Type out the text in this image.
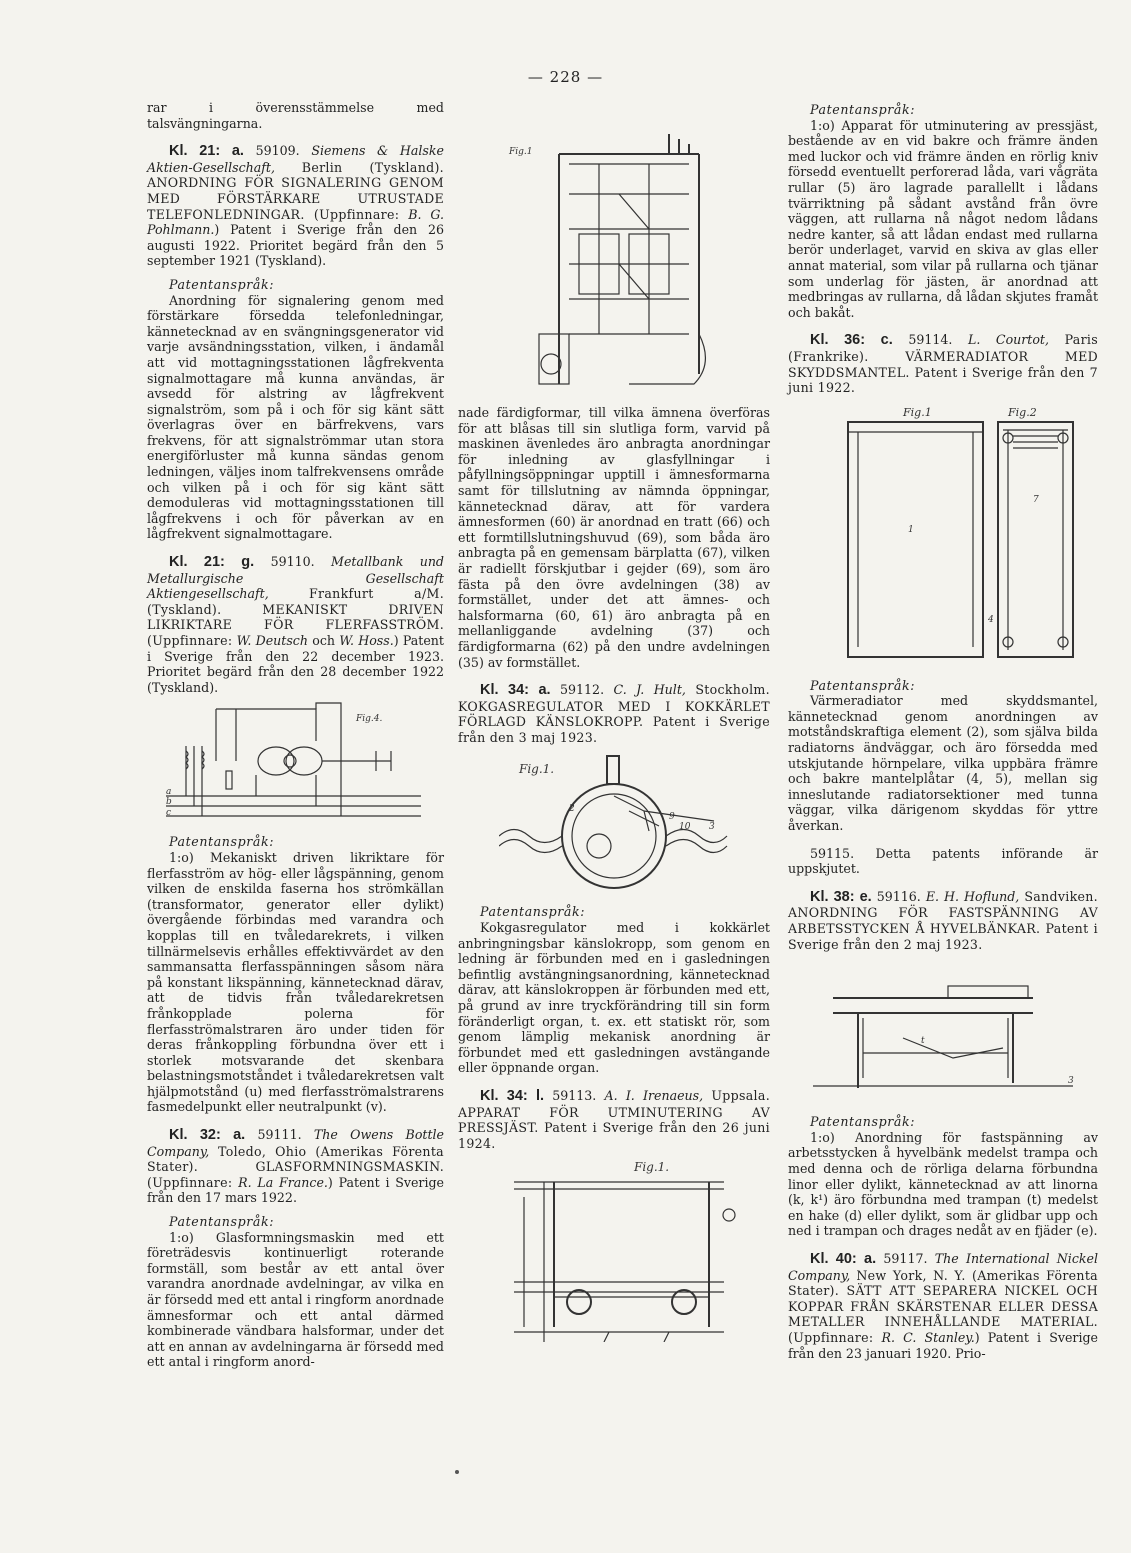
— 228 —

rar i överensstämmelse med talsvängningarna.

Kl. 21: a. 59109. Siemens & Halske Aktien-Gesellschaft, Berlin (Tyskland). ANORDNING FÖR SIGNALERING GENOM MED FÖRSTÄRKARE UTRUSTADE TELEFONLEDNINGAR. (Uppfinnare: B. G. Pohlmann.) Patent i Sverige från den 26 augusti 1922. Prioritet begärd från den 5 september 1921 (Tyskland).

Patentanspråk:

Anordning för signalering genom med förstärkare försedda telefonledningar, kännetecknad av en svängningsgenerator vid varje avsändningsstation, vilken, i ändamål att vid mottagningsstationen lågfrekventa signalmottagare må kunna användas, är avsedd för alstring av lågfrekvent signalström, som på i och för sig känt sätt överlagras över en bärfrekvens, vars frekvens, för att signalströmmar utan stora energiförluster må kunna sändas genom ledningen, väljes inom talfrekvensens område och vilken på i och för sig känt sätt demoduleras vid mottagningsstationen till lågfrekvens i och för påverkan av en lågfrekvent signalmottagare.

Kl. 21: g. 59110. Metallbank und Metallurgische Gesellschaft Aktiengesellschaft,	Frankfurt a/M. (Tyskland). MEKANISKT DRIVEN LIKRIKTARE FÖR FLERFASSTRÖM. (Uppfinnare: W. Deutsch och W. Hoss.) Patent i Sverige från den 22 december 1923. Prioritet begärd från den 28 december 1922 (Tyskland).

Fig.4.
a
b
c

Patentanspråk:

1:o) Mekaniskt driven likriktare för flerfasström av hög- eller lågspänning, genom vilken de enskilda faserna hos strömkällan (transformator, generator eller dylikt) övergående förbindas med varandra och kopplas till en tvåledarekrets, i vilken tillnärmelsevis erhålles effektivvärdet av den sammansatta flerfasspänningen såsom nära på konstant likspänning, kännetecknad därav, att de tidvis från tvåledarekretsen frånkopplade polerna för flerfasströmalstraren äro under tiden för deras frånkoppling förbundna över ett i storlek motsvarande det skenbara belastningsmotståndet i tvåledarekretsen valt hjälpmotstånd (u) med flerfasströmalstrarens fasmedelpunkt eller neutralpunkt (v).

Kl. 32: a. 59111. The Owens Bottle Company, Toledo, Ohio (Amerikas Förenta Stater). GLASFORMNINGSMASKIN. (Uppfinnare: R. La France.) Patent i Sverige från den 17 mars 1922.

Patentanspråk:

1:o) Glasformningsmaskin med ett företrädesvis kontinuerligt roterande formställ, som består av ett antal över varandra anordnade avdelningar, av vilka en är försedd med ett antal i ringform anordnade ämnesformar och ett antal därmed kombinerade vändbara halsformar, under det att en annan av avdelningarna är försedd med ett antal i ringform anord-

Fig.1

nade färdigformar, till vilka ämnena överföras för att blåsas till sin slutliga form, varvid på maskinen ävenledes äro anbragta anordningar för inledning av glasfyllningar i påfyllningsöppningar upptill i ämnesformarna samt för tillslutning av nämnda öppningar, kännetecknad därav, att för vardera ämnesformen (60) är anordnad en tratt (66) och ett formtillslutningshuvud (69), som båda äro anbragta på en gemensam bärplatta (67), vilken är radiellt förskjutbar i gejder (69), som äro fästa på den övre avdelningen (38) av formstället, under det att ämnes- och halsformarna (60, 61) äro anbragta på en mellanliggande avdelning (37) och färdigformarna (62) på den undre avdelningen (35) av formstället.

Kl. 34: a. 59112. C. J. Hult, Stockholm. KOKGASREGULATOR MED I KOKKÄRLET FÖRLAGD KÄNSLOKROPP. Patent i Sverige från den 3 maj 1923.

Fig.1.
2
9
10 3

Patentanspråk:

Kokgasregulator med i kokkärlet anbringningsbar känslokropp, som genom en ledning är förbunden med en i gasledningen befintlig avstängningsanordning, kännetecknad därav, att känslokroppen är förbunden med ett, på grund av inre tryckförändring till sin form föränderligt organ, t. ex. ett statiskt rör, som genom lämplig mekanisk anordning är förbundet med ett gasledningen avstängande eller öppnande organ.

Kl. 34: l. 59113. A. I. Irenaeus, Uppsala. APPARAT FÖR UTMINUTERING AV PRESSJÄST. Patent i Sverige från den 26 juni 1924.

Fig.1.

Patentanspråk:

1:o) Apparat för utminutering av pressjäst, bestående av en vid bakre och främre änden med luckor och vid främre änden en rörlig kniv försedd eventuellt perforerad låda, vari vågräta rullar (5) äro lagrade parallellt i lådans tvärriktning på sådant avstånd från övre väggen, att rullarna nå något nedom lådans nedre kanter, så att lådan endast med rullarna berör underlaget, varvid en skiva av glas eller annat material, som vilar på rullarna och tjänar som underlag för jästen, är anordnad att medbringas av rullarna, då lådan skjutes framåt och bakåt.

Kl. 36: c. 59114. L. Courtot, Paris (Frankrike). VÄRMERADIATOR MED SKYDDSMANTEL. Patent i Sverige från den 7 juni 1922.

Fig.1	Fig.2
1
7
4

Patentanspråk:

Värmeradiator med skyddsmantel, kännetecknad genom anordningen av motståndskraftiga element (2), som själva bilda radiatorns ändväggar, och äro försedda med utskjutande hörnpelare, vilka uppbära främre och bakre mantelplåtar (4, 5), mellan sig inneslutande radiatorsektioner med tunna väggar, vilka därigenom skyddas för yttre åverkan.

59115. Detta patents införande är uppskjutet.

Kl. 38: e. 59116. E. H. Hoflund, Sandviken. ANORDNING FÖR FASTSPÄNNING AV ARBETSSTYCKEN Å HYVELBÄNKAR. Patent i Sverige från den 2 maj 1923.

t
3

Patentanspråk:

1:o) Anordning för fastspänning av arbetsstycken å hyvelbänk medelst trampa och med denna och de rörliga delarna förbundna linor eller dylikt, kännetecknad av att linorna (k, k¹) äro förbundna med trampan (t) medelst en hake (d) eller dylikt, som är glidbar upp och ned i trampan och drages nedåt av en fjäder (e).

Kl. 40: a. 59117. The International Nickel Company, New York, N. Y. (Amerikas Förenta Stater). SÄTT ATT SEPARERA NICKEL OCH KOPPAR FRÅN SKÄRSTENAR ELLER DESSA METALLER INNEHÅLLANDE MATERIAL. (Uppfinnare: R. C. Stanley.) Patent i Sverige från den 23 januari 1920. Prio-
